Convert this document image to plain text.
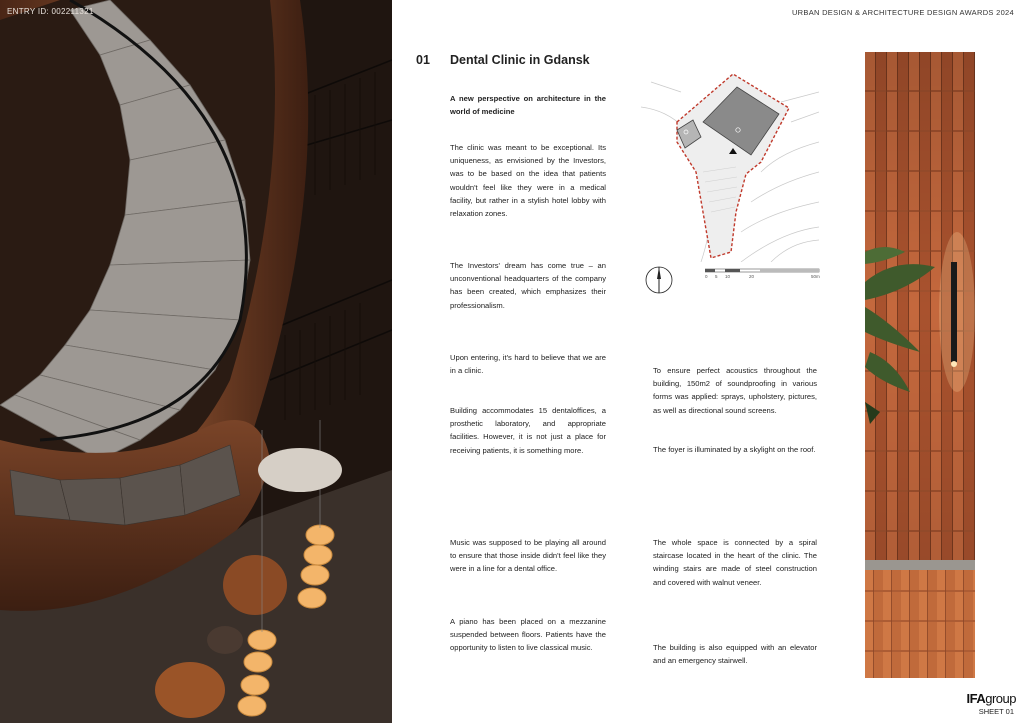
ENTRY ID: 002211321	URBAN DESIGN & ARCHITECTURE DESIGN AWARDS 2024
01 Dental Clinic in Gdansk

A new perspective on architecture in the world of medicine

The clinic was meant to be exceptional. Its uniqueness, as envisioned by the Investors, was to be based on the idea that patients wouldn't feel like they were in a medical facility, but rather in a stylish hotel lobby with relaxation zones.

The Investors' dream has come true – an unconventional headquarters of the company has been created, which emphasizes their professionalism.

Upon entering, it's hard to believe that we are in a clinic.

Building accommodates 15 dentaloffices, a prosthetic laboratory, and appropriate facilities. However, it is not just a place for receiving patients, it is something more.

Music was supposed to be playing all around to ensure that those inside didn't feel like they were in a line for a dental office.

A piano has been placed on a mezzanine suspended between floors. Patients have the opportunity to listen to live classical music.

0 5 10	20	50m

To ensure perfect acoustics throughout the building, 150m2 of soundproofing in various forms was applied: sprays, upholstery, pictures, as well as directional sound screens.

The foyer is illuminated by a skylight on the roof.

The whole space is connected by a spiral staircase located in the heart of the clinic. The winding stairs are made of steel construction and covered with walnut veneer.

The building is also equipped with an elevator and an emergency stairwell.

IFAgroup
SHEET 01
